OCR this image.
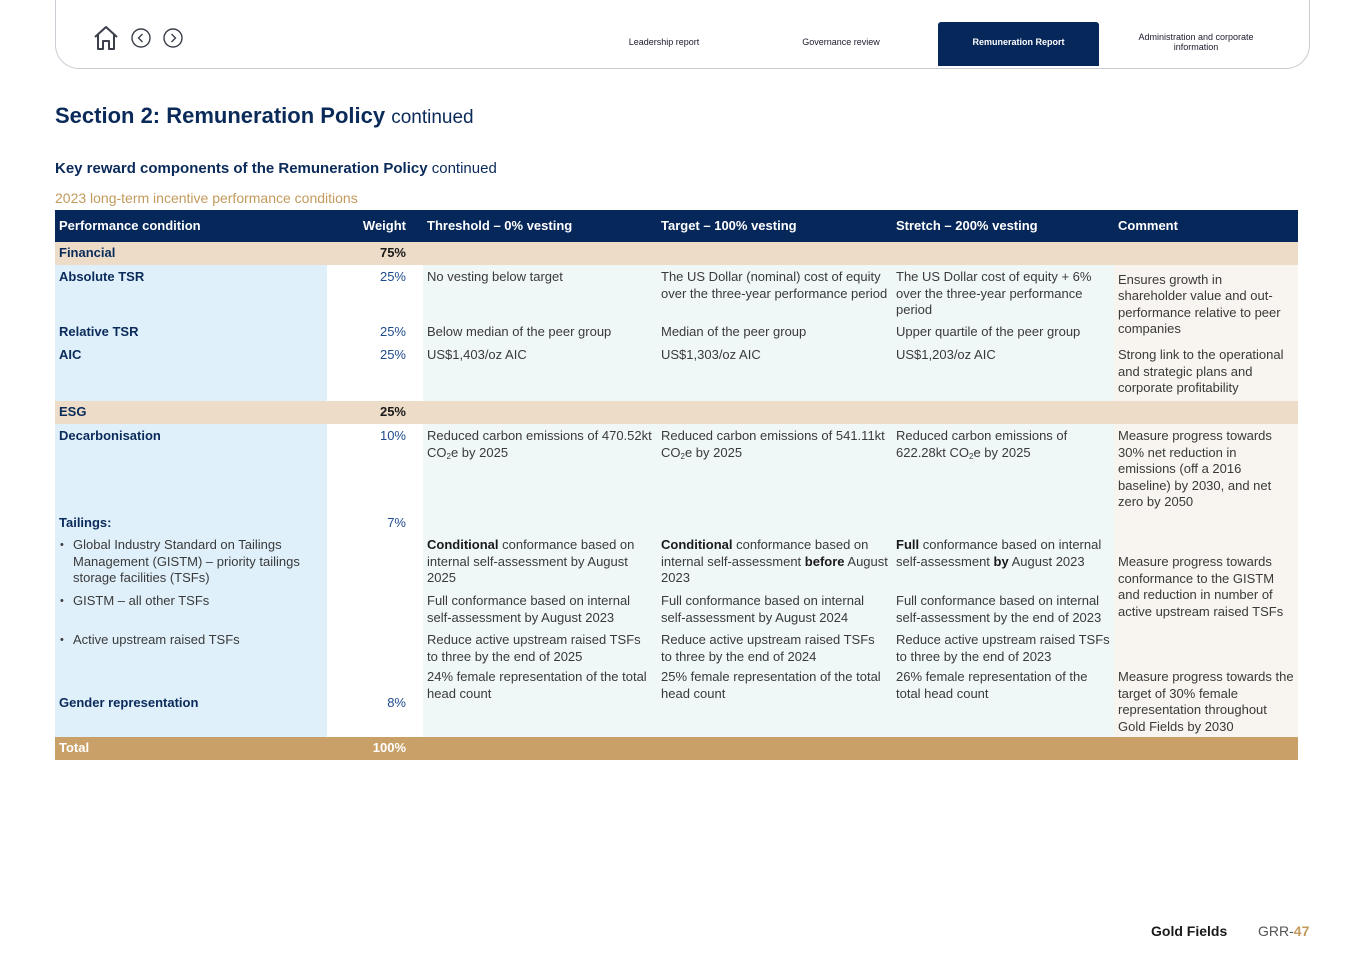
Leadership report	Governance review	Remuneration Report
Administration and corporate information
Section 2: Remuneration Policy continued
Key reward components of the Remuneration Policy continued
2023 long-term incentive performance conditions
Performance condition	Weight	Threshold – 0% vesting	Target – 100% vesting	Stretch – 200% vesting	Comment
Financial	75%				
Absolute TSR	25%	No vesting below target	The US Dollar (nominal) cost of equity over the three-year performance period	The US Dollar cost of equity + 6% over the three-year performance period	Ensures growth in shareholder value and out-performance relative to peer companies
Relative TSR	25%	Below median of the peer group	Median of the peer group	Upper quartile of the peer group	
AIC	25%	US$1,403/oz AIC	US$1,303/oz AIC	US$1,203/oz AIC	Strong link to the operational and strategic plans and corporate profitability
ESG	25%				
Decarbonisation	10%	Reduced carbon emissions of 470.52kt $CO_2e$ by 2025	Reduced carbon emissions of 541.11kt $CO_2e$ by 2025	Reduced carbon emissions of 622.28kt $CO_2e$ by 2025	Measure progress towards 30% net reduction in emissions (off a 2016 baseline) by 2030, and net zero by 2050
Tailings:	7%				

• Global Industry Standard on Tailings Management (GISTM) – priority tailings storage facilities (TSFs)		Conditional conformance based on internal self-assessment by August 2025	Conditional conformance based on internal self-assessment before August 2023	Full conformance based on internal self-assessment by August 2023	Measure progress towards conformance to the GISTM and reduction in number of active upstream raised TSFs

• GISTM – all other TSFs		Full conformance based on internal self-assessment by August 2023	Full conformance based on internal self-assessment by August 2024	Full conformance based on internal self-assessment by the end of 2023	

• Active upstream raised TSFs		Reduce active upstream raised TSFs to three by the end of 2025	Reduce active upstream raised TSFs to three by the end of 2024	Reduce active upstream raised TSFs to three by the end of 2023	
Gender representation	8%	24% female representation of the total head count	25% female representation of the total head count	26% female representation of the total head count	Measure progress towards the target of 30% female representation throughout Gold Fields by 2030
Total	100%				
Gold Fields GRR-47
